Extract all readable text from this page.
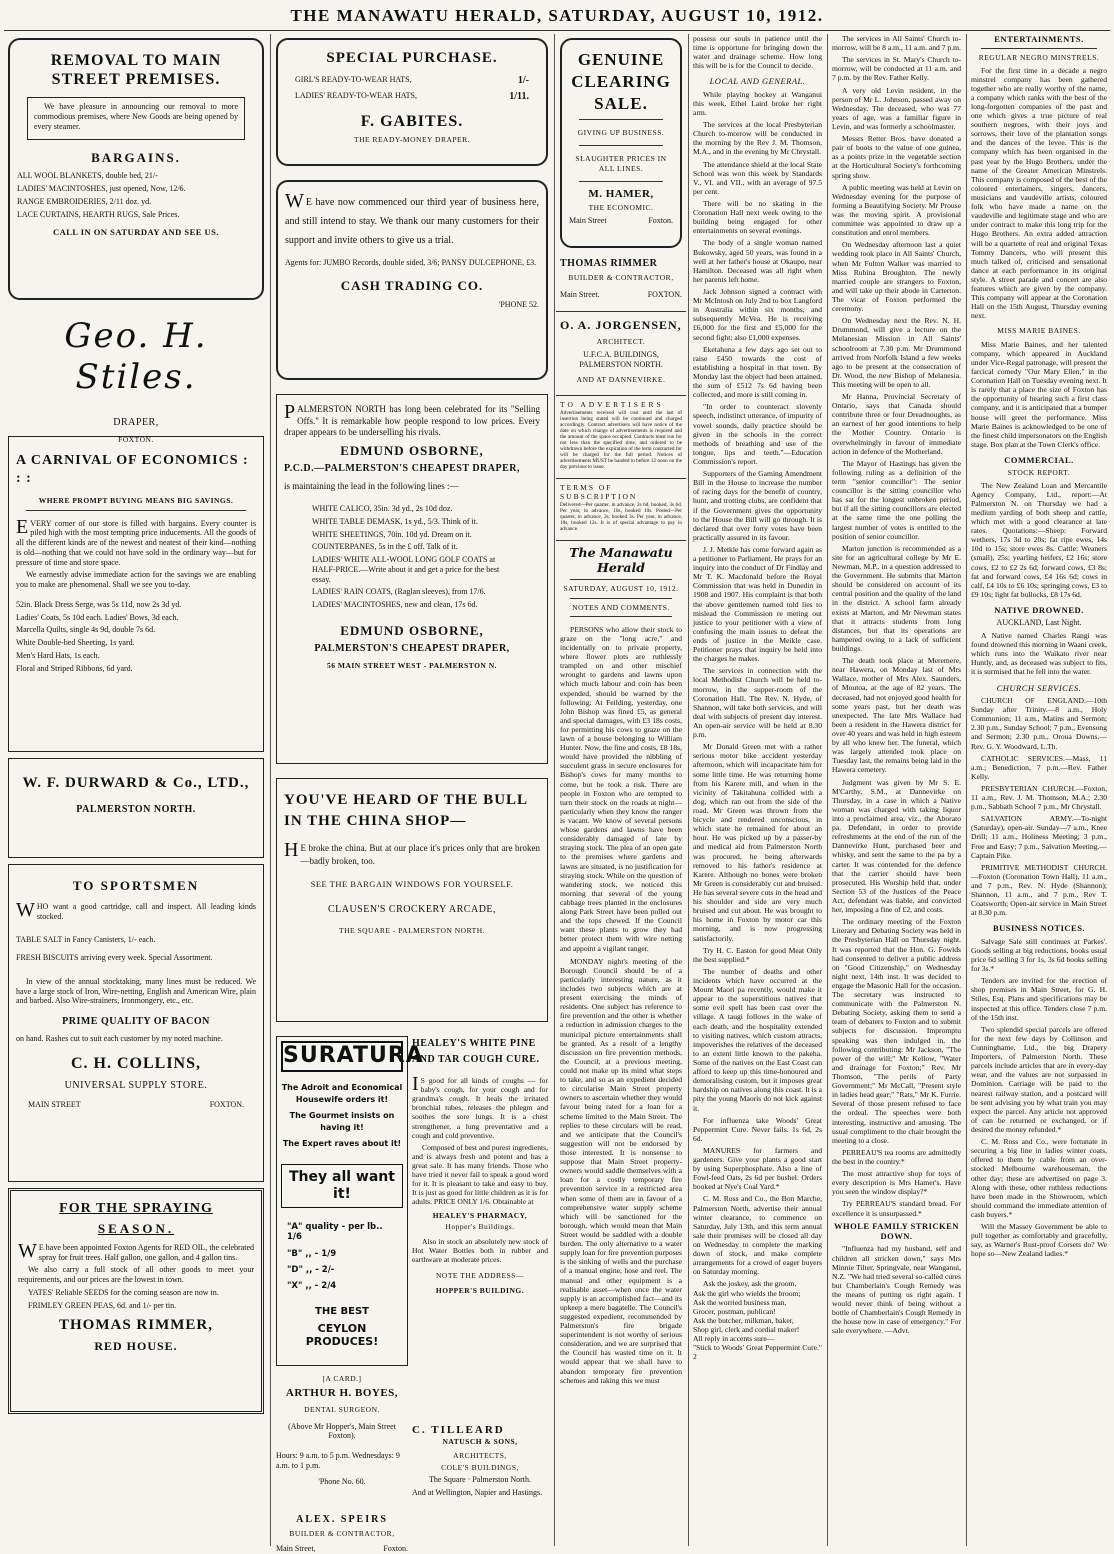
THE MANAWATU HERALD, SATURDAY, AUGUST 10, 1912.
REMOVAL TO MAIN STREET PREMISES.

We have pleasure in announcing our removal to more commodious premises, where New Goods are being opened by every steamer.

BARGAINS.
ALL WOOL BLANKETS, double bed, 21/-
LADIES' MACINTOSHES, just opened, Now, 12/6.
RANGE EMBROIDERIES, 2/11 doz. yd.
LACE CURTAINS, HEARTH RUGS, Sale Prices.
CALL IN ON SATURDAY AND SEE US.
Geo. H. Stiles.
DRAPER,
FOXTON.
A CARNIVAL OF ECONOMICS : : :
WHERE PROMPT BUYING MEANS BIG SAVINGS.

EVERY corner of our store is filled with bargains. Every counter is piled high with the most tempting price inducements. All the goods of all the different kinds are of the newest and neatest of their kind—nothing is old—nothing that we could not have sold in the ordinary way—but for pressure of time and store space.

We earnestly advise immediate action for the savings we are enabling you to make are phenomenal. Shall we see you to-day.

52in. Black Dress Serge, was 5s 11d, now 2s 3d yd.
Ladies' Coats, 5s 10d each. Ladies' Bows, 3d each.
Marcella Quilts, single 4s 9d, double 7s 6d.
White Double-bed Sheeting, 1s yard.
Men's Hard Hats, 1s each.
Floral and Striped Ribbons, 6d yard.
W. F. DURWARD & Co., LTD.,
PALMERSTON NORTH.
TO SPORTSMEN

WHO want a good cartridge, call and inspect. All leading kinds stocked.

TABLE SALT in Fancy Canisters, 1/- each.

FRESH BISCUITS arriving every week. Special Assortment.

In view of the annual stocktaking, many lines must be reduced. We have a large stock of Iron, Wire-netting, English and American Wire, plain and barbed. Also Wire-strainers, Ironmongery, etc., etc.

PRIME QUALITY OF BACON

on hand. Rashes cut to suit each customer by my noted machine.

C. H. COLLINS,
UNIVERSAL SUPPLY STORE.
MAIN STREET	FOXTON.
FOR THE SPRAYING
SEASON.

WE have been appointed Foxton Agents for RED OIL, the celebrated spray for fruit trees. Half gallon, one gallon, and 4 gallon tins.

We also carry a full stock of all other goods to meet your requirements, and our prices are the lowest in town.

YATES' Reliable SEEDS for the coming season are now in.

FRIMLEY GREEN PEAS, 6d. and 1/- per tin.

THOMAS RIMMER,
RED HOUSE.
SPECIAL PURCHASE.
GIRL'S READY-TO-WEAR HATS,	1/-
LADIES' READY-TO-WEAR HATS,	1/11.
F. GABITES.
THE READY-MONEY DRAPER.

WE have now commenced our third year of business here, and still intend to stay. We thank our many customers for their support and invite others to give us a trial.

Agents for: JUMBO Records, double sided, 3/6; PANSY DULCEPHONE, £3.

CASH TRADING CO.
'PHONE 52.

PALMERSTON NORTH has long been celebrated for its "Selling Offs." It is remarkable how people respond to low prices. Every draper appears to be underselling his rivals.

EDMUND OSBORNE,
P.C.D.—PALMERSTON'S CHEAPEST DRAPER,

is maintaining the lead in the following lines :—

WHITE CALICO, 35in. 3d yd., 2s 10d doz.
WHITE TABLE DEMASK, 1s yd., 5/3. Think of it.
WHITE SHEETINGS, 70in. 10d yd. Dream on it.
COUNTERPANES, 5s in the £ off. Talk of it.
LADIES' WHITE ALL-WOOL LONG GOLF COATS at HALF-PRICE.—Write about it and get a price for the best essay.
LADIES' RAIN COATS, (Raglan sleeves), from 17/6.
LADIES' MACINTOSHES, new and clean, 17s 6d.
EDMUND OSBORNE,
PALMERSTON'S CHEAPEST DRAPER,
56 MAIN STREET WEST - PALMERSTON N.
YOU'VE HEARD OF THE BULL IN THE CHINA SHOP—

HE broke the china. But at our place it's prices only that are broken—badly broken, too.

SEE THE BARGAIN WINDOWS FOR YOURSELF.
CLAUSEN'S CROCKERY ARCADE,
THE SQUARE - PALMERSTON NORTH.
SURATURA
The Adroit and Economical Housewife orders it!
The Gourmet insists on having it!
The Expert raves about it!
They all want it!
"A" quality - per lb.. 1/6
"B" ,, - 1/9
"D" ,, - 2/-
"X" ,, - 2/4
THE BEST
CEYLON PRODUCES!
[A CARD.]
ARTHUR H. BOYES,
DENTAL SURGEON.
(Above Mr Hopper's, Main Street Foxton).
Hours: 9 a.m. to 5 p.m. Wednesdays: 9 a.m. to 1 p.m.
'Phone No. 60.
ALEX. SPEIRS
BUILDER & CONTRACTOR,
Main Street,	Foxton.
HEALEY'S WHITE PINE AND TAR COUGH CURE.

IS good for all kinds of coughs — for baby's cough, for your cough and for grandma's cough. It heals the irritated bronchial tubes, releases the phlegm and soothes the sore lungs. It is a chest strengthener, a lung preventative and a cough and cold preventive.

Composed of best and purest ingredients, and is always fresh and potent and has a great sale. It has many friends. Those who have tried it never fail to speak a good word for it. It is pleasant to take and easy to buy. It is just as good for little children as it is for adults. PRICE ONLY 1/6. Obtainable at

HEALEY'S PHARMACY,
Hopper's Buildings.

Also in stock an absolutely new stock of Hot Water Bottles both in rubber and earthware at moderate prices.

NOTE THE ADDRESS—
HOPPER'S BUILDING.
C. TILLEARD
NATUSCH & SONS,
ARCHITECTS,
COLE'S BUILDINGS,
The Square · Palmerston North.
And at Wellington, Napier and Hastings.
GENUINE CLEARING SALE.
GIVING UP BUSINESS.
SLAUGHTER PRICES IN ALL LINES.
M. HAMER,
THE ECONOMIC.
Main Street	Foxton.
THOMAS RIMMER
BUILDER & CONTRACTOR,
Main Street.	FOXTON.
O. A. JORGENSEN,
ARCHITECT.
U.F.C.A. BUILDINGS, PALMERSTON NORTH.
AND AT DANNEVIRKE.
TO ADVERTISERS

Advertisements received will cost until the last of insertion being stated will be continued and charged accordingly. Contract advertisers will have notice of the date on which change of advertisements is required and the amount of the space occupied. Contracts must run for not less than the specified time, and ordered to be withdrawn before the expiration of the term contracted for will be charged for the full period. Notices of advertisements MUST be handed in before 12 noon on the day previous to issue.

TERMS OF SUBSCRIPTION

Delivered—Per quarter, in advance, 2s 6d, booked, 3s 6d. Per year, in advance, 10s, booked 10s. Posted—Per quarter, in advance, 2s, booked 3s. Per year, in advance, 10s, booked 12s. It is of special advantage to pay in advance.

The Manawatu Herald
SATURDAY, AUGUST 10, 1912.
NOTES AND COMMENTS.

PERSONS who allow their stock to graze on the "long acre," and incidentally on to private property, where flower plots are ruthlessly trampled on and other mischief wrought to gardens and lawns upon which much labour and coin has been expended, should be warned by the following: At Feilding, yesterday, one John Bishop was fined £5, as general and special damages, with £3 18s costs, for permitting his cows to graze on the lawn of a house belonging to William Hunter. Now, the fine and costs, £8 18s, would have provided the nibbling of succulent grass in secure enclosures for Bishop's cows for many months to come, but he took a risk. There are people in Foxton who are tempted to turn their stock on the roads at night—particularly when they know the ranger is vacant. We know of several persons whose gardens and lawns have been considerably damaged of late by straying stock. The plea of an open gate to the premises where gardens and lawns are situated, is no justification for straying stock. While on the question of wandering stock, we noticed this morning that several of the young cabbage trees planted in the enclosures along Park Street have been pulled out and the tops chewed. If the Council want these plants to grow they had better protect them with wire netting and appoint a vigilant ranger.

MONDAY night's meeting of the Borough Council should be of a particularly interesting nature, as it includes two subjects which are at present exercising the minds of residents. One subject has reference to fire prevention and the other is whether a reduction in admission charges to the municipal picture entertainments shall be granted. As a result of a lengthy discussion on fire prevention methods, the Council, at a previous meeting, could not make up its mind what steps to take, and so as an expedient decided to circularise Main Street property owners to ascertain whether they would favour being rated for a loan for a scheme limited to the Main Street. The replies to these circulars will be read, and we anticipate that the Council's suggestion will not be endorsed by those interested. It is nonsense to suppose that Main Street property-owners would saddle themselves with a loan for a costly temporary fire prevention service in a restricted area when some of them are in favour of a comprehensive water supply scheme which will be sanctioned for the borough, which would mean that Main Street would be saddled with a double burden. The only alternative to a water supply loan for fire prevention purposes is the sinking of wells and the purchase of a manual engine, hose and reel. The manual and other equipment is a realisable asset—when once the water supply is an accomplished fact—and its upkeep a mere bagatelle. The Council's suggested expedient, recommended by Palmerston's fire brigade superintendent is not worthy of serious consideration, and we are surprised that the Council has wasted time on it. It would appear that we shall have to abandon temporary fire prevention schemes and taking this we must

possess our souls in patience until the time is opportune for bringing down the water and drainage scheme. How long this will be is for the Council to decide.

LOCAL AND GENERAL.

While playing hockey at Wanganui this week, Ethel Laird broke her right arm.

The services at the local Presbyterian Church to-morrow will be conducted in the morning by the Rev J. M. Thomson, M.A., and in the evening by Mr Chrystall.

The attendance shield at the local State School was won this week by Standards V., VI. and VII., with an average of 97.5 per cent.

There will be no skating in the Coronation Hall next week owing to the building being engaged for other entertainments on several evenings.

The body of a single woman named Bukowsky, aged 50 years, was found in a well at her father's house at Okaupo, near Hamilton. Deceased was all right when her parents left home.

Jack Johnson signed a contract with Mr McIntosh on July 2nd to box Langford in Australia within six months, and subsequently McVea. He is receiving £6,000 for the first and £5,000 for the second fight; also £1,000 expenses.

Eketahuna a few days ago set out to raise £450 towards the cost of establishing a hospital in that town. By Monday last the object had been attained, the sum of £512 7s 6d having been collected, and more is still coming in.

"In order to counteract slovenly speech, indistinct utterance, of impurity of vowel sounds, daily practice should be given in the schools in the correct methods of breathing and use of the tongue, lips and teeth."—Education Commission's report.

Supporters of the Gaming Amendment Bill in the House to increase the number of racing days for the benefit of country, hunt, and trotting clubs, are confident that if the Government gives the opportunity to the House the Bill will go through. It is declared that over forty votes have been practically assured in its favour.

J. J. Metkle has come forward again as a petitioner to Parliament. He prays for an inquiry into the conduct of Dr Findlay and Mr T. K. Macdonald before the Royal Commission that was held in Dunedin in 1908 and 1907. His complaint is that both the above gentlemen named told lies to mislead the Commission re meting out justice to your petitioner with a view of confusing the main issues to defeat the ends of justice in the Meikle case. Petitioner prays that inquiry be held into the charges he makes.

The services in connection with the local Methodist Church will be held to-morrow, in the supper-room of the Coronation Hall. The Rev. N. Hyde, of Shannon, will take both services, and will deal with subjects of present day interest. An open-air service will be held at 8.30 p.m.

Mr Donald Green met with a rather serious motor bike accident yesterday afternoon, which will incapacitate him for some little time. He was returning home from his Karere mill, and when in the vicinity of Takitahuna collided with a dog, which ran out from the side of the road. Mr Green was thrown from the bicycle and rendered unconscious, in which state he remained for about an hour. He was picked up by a passer-by and medical aid from Palmerston North was procured, he being afterwards removed to his father's residence at Karere. Although no bones were broken Mr Green is considerably cut and bruised. He has several severe cuts in the head and his shoulder and side are very much bruised and cut about. He was brought to his home in Foxton by motor car this morning, and is now progressing satisfactorily.

Try H. C. Easton for good Meat Only the best supplied.*

The number of deaths and other incidents which have occurred at the Mount Maori pa recently, would make it appear to the superstitious natives that some evil spell has been cast over the village. A taugi follows in the wake of each death, and the hospitality extended to visiting natives, which custom attracts, impoverishes the relatives of the deceased to an extent little known to the pakeha. Some of the natives on the East Coast can afford to keep up this time-honoured and demoralising custom, but it imposes great hardship on natives along this coast. It is a pity the young Maoris do not kick against it.

For influenza take Woods' Great Peppermint Cure. Never fails. 1s 6d, 2s 6d.

MANURES for farmers and gardeners. Give your plants a good start by using Superphosphate. Also a line of Fowl-feed Oats, 2s 6d per bushel. Orders booked at Nye's Coal Yard.*

C. M. Ross and Co., the Bon Marche, Palmerston North, advertise their annual winter clearance, to commence on Saturday, July 13th, and this term annual sale their premises will be closed all day on Wednesday to complete the marking down of stock, and make complete arrangements for a crowd of eager buyers on Saturday morning.

Ask the joskey, ask the groom,
Ask the girl who wields the broom;
Ask the worried business man,
Grocer, postman, publican!
Ask the butcher, milkman, baker,
Shop girl, clerk and cordial maker!
All reply in accents sure—
"Stick to Woods' Great Peppermint Cure." 2

The services in All Saints' Church to-morrow, will be 8 a.m., 11 a.m. and 7 p.m.

The services in St. Mary's Church to-morrow, will be conducted at 11 a.m. and 7 p.m. by the Rev. Father Kelly.

A very old Levin resident, in the person of Mr L. Johnson, passed away on Wednesday. The deceased, who was 77 years of age, was a familiar figure in Levin, and was formerly a schoolmaster.

Messrs Retter Bros. have donated a pair of boots to the value of one guinea, as a points prize in the vegetable section at the Horticultural Society's forthcoming spring show.

A public meeting was held at Levin on Wednesday evening for the purpose of forming a Beautifying Society. Mr Prouse was the moving spirit. A provisional committee was appointed to draw up a constitution and enrol members.

On Wednesday afternoon last a quiet wedding took place in All Saints' Church, when Mr Fulton Walker was married to Miss Rubina Broughton. The newly married couple are strangers to Foxton, and will take up their abode in Carterton. The vicar of Foxton performed the ceremony.

On Wednesday next the Rev. N. H. Drummond, will give a lecture on the Melanesian Mission in All Saints' schoolroom at 7.30 p.m. Mr Drummond arrived from Norfolk Island a few weeks ago to be present at the consecration of Dr. Wood, the new Bishop of Melanesia. This meeting will be open to all.

Mr Hanna, Provincial Secretary of Ontario, says that Canada should contribute three or four Dreadnoughts, as an earnest of her good intentions to help the Mother Country. Ontario is overwhelmingly in favour of immediate action in defence of the Motherland.

The Mayor of Hastings has given the following ruling as a definition of the term "senior councillor": The senior councillor is the sitting councillor who has sat for the longest unbroken period, but if all the sitting councillors are elected at the same time the one polling the largest number of votes is entitled to the position of senior councillor.

Marton junction is recommended as a site for an agricultural college by Mr E. Newman, M.P., in a question addressed to the Government. He submits that Marton should be considered on account of its central position and the quality of the land in the district. A school farm already exists at Marton, and Mr Newman states that it attracts students from long distances, but that its operations are hampered owing to a lack of sufficient buildings.

The death took place at Meremere, near Hawera, on Monday last of Mrs Wallace, mother of Mrs Alex. Saunders, of Moutoa, at the age of 82 years. The deceased, had not enjoyed good health for some years past, but her death was unexpected. The late Mrs Wallace had been a resident in the Hawera district for over 40 years and was held in high esteem by all who knew her. The funeral, which was largely attended took place on Tuesday last, the remains being laid in the Hawera cemetery.

Judgment was given by Mr S. E. M'Carthy, S.M., at Dannevirke on Thursday, in a case in which a Native woman was charged with taking liquor into a proclaimed area, viz., the Aborato pa. Defendant, in order to provide refreshments at the end of the run of the Dannevirke Hunt, purchased beer and whisky, and sent the same to the pa by a carter. It was contended for the defence that the carrier should have been prosecuted. His Worship held that, under Section 53 of the Justices of the Peace Act, defendant was liable, and convicted her, imposing a fine of £2, and costs.

The ordinary meeting of the Foxton Literary and Debating Society was held in the Presbyterian Hall on Thursday night. It was reported that the Hon. G. Fowlds had consented to deliver a public address on "Good Citizenship," on Wednesday night next, 14th inst. It was decided to engage the Masonic Hall for the occasion. The secretary was instructed to communicate with the Palmerston N. Debating Society, asking them to send a team of debaters to Foxton and to submit subjects for discussion. Impromptu speaking was then indulged in, the following contributing: Mr Jackson, "The power of the will;" Mr Kellow, "Water and drainage for Foxton;" Rev. Mr Thomson, "The perils of Party Government;" Mr McCall, "Present style in ladies head gear;" "Rats," Mr K. Furrie. Several of those present refused to face the ordeal. The speeches were both interesting, instructive and amusing. The usual compliment to the chair brought the meeting to a close.

PERREAU'S tea rooms are admittedly the best in the country.*

The most attractive shop for toys of every description is Mrs Hamer's. Have you seen the window display?*

Try PERREAU'S standard bread. For excellence it is unsurpassed.*

WHOLE FAMILY STRICKEN DOWN.

"Influenza had my husband, self and children all stricken down," says Mrs Minnie Tilter, Springvale, near Wanganui, N.Z. "We had tried several so-called cures but Chamberlain's Cough Remedy was the means of putting us right again. I would never think of being without a bottle of Chamberlain's Cough Remedy in the house now in case of emergency." For sale everywhere. —Advt.

ENTERTAINMENTS.
REGULAR NEGRO MINSTRELS.

For the first time in a decade a negro minstrel company has been gathered together who are really worthy of the name, a company which ranks with the best of the long-forgotten companies of the past and one which gives a true picture of real southern negroes, with their joys and sorrows, their love of the plantation songs and the dances of the levee. This is the company which has been organised in the past year by the Hugo Brothers, under the name of the Greater American Minstrels. This company is composed of the best of the coloured entertainers, singers, dancers, musicians and vaudeville artists, coloured folk who have made a name on the vaudeville and legitimate stage and who are under contract to make this long trip for the Hugo Brothers. An extra added attraction will be a quartette of real and original Texas Tommy Dancers, who will present this much talked of, criticised and sensational dance at each performance in its original style. A street parade and concert are also features which are given by the company. This company will appear at the Coronation Hall on the 15th August, Thursday evening next.

MISS MARIE BAINES.

Miss Marie Baines, and her talented company, which appeared in Auckland under Vice-Regal patronage, will present the farcical comedy "Our Mary Ellen," in the Coronation Hall on Tuesday evening next. It is rarely that a place the size of Foxton has the opportunity of hearing such a first class company, and it is anticipated that a bumper house will greet the performance. Miss Marie Baines is acknowledged to be one of the finest child impersonators on the English stage. Box plan at the Town Clerk's office.

COMMERCIAL.
STOCK REPORT.

The New Zealand Loan and Mercantile Agency Company, Ltd., report:—At Palmerston N. on Thursday we had a medium yarding of both sheep and cattle, which met with a good clearance at late rates. Quotations:—Sheep: Forward wethers, 17s 3d to 20s; fat ripe ewes, 14s 10d to 15s; store ewes 8s. Cattle: Weaners (small), 25s; yearling heifers, £2 16s; store cows, £2 to £2 2s 6d, forward cows, £3 8s; fat and forward cows, £4 16s 6d; cows in calf, £4 10s to £6 10s; springing cows, £3 to £9 10s; light fat bullocks, £8 17s 6d.

NATIVE DROWNED.
AUCKLAND, Last Night.

A Native named Charles Rangi was found drowned this morning in Waani creek, which runs into the Waikato river near Huntly, and, as deceased was subject to fits, it is surmised that he fell into the water.

CHURCH SERVICES.

CHURCH OF ENGLAND.—10th Sunday after Trinity.—8 a.m., Holy Communion; 11 a.m., Matins and Sermon; 2.30 p.m., Sunday School; 7 p.m., Evensong and Sermon; 2.30 p.m., Oroua Downs.—Rev. G. Y. Woodward, L.Th.

CATHOLIC SERVICES.—Mass, 11 a.m.; Benediction, 7 p.m.—Rev. Father Kelly.

PRESBYTERIAN CHURCH.—Foxton, 11 a.m., Rev. J. M. Thomson, M.A.; 2.30 p.m., Sabbath School 7 p.m., Mr Chrystall.

SALVATION ARMY.—To-night (Saturday), open-air. Sunday—7 a.m., Knee Drill; 11 a.m., Holiness Meeting; 3 p.m., Free and Easy; 7 p.m., Salvation Meeting.—Captain Pike.

PRIMITIVE METHODIST CHURCH.—Foxton (Coronation Town Hall), 11 a.m., and 7 p.m., Rev. N. Hyde (Shannon); Shannon, 11 a.m., and 7 p.m., Rev T. Coatsworth; Open-air service in Main Street at 8.30 p.m.

BUSINESS NOTICES.

Salvage Sale still continues at Parkes'. Goods selling at big reductions, books usual price 6d selling 3 for 1s, 3s 6d books selling for 3s.*

Tenders are invited for the erection of shop premises in Main Street, for G. H. Stiles, Esq. Plans and specifications may be inspected at this office. Tenders close 7 p.m. of the 15th inst.

Two splendid special parcels are offered for the next few days by Collinson and Cunninghame, Ltd., the big Drapery Importers, of Palmerston North. These parcels include articles that are in every-day wear, and the values are not surpassed in Dominion. Carriage will be paid to the nearest railway station, and a postcard will be sent advising you by what train you may expect the parcel. Any article not approved of can be returned or exchanged, or if desired the money refunded.*

C. M. Ross and Co., were fortunate in securing a big line in ladies winter coats, offered to them by cable from an over-stocked Melbourne warehouseman, the other day; these are advertised on page 3. Along with these, other ruthless reductions have been made in the Showroom, which should command the immediate attention of cash buyers.*

Will the Massey Government be able to pull together as comfortably and gracefully, say, as Warner's Rust-proof Corsets do? We hope so—New Zealand ladies.*
